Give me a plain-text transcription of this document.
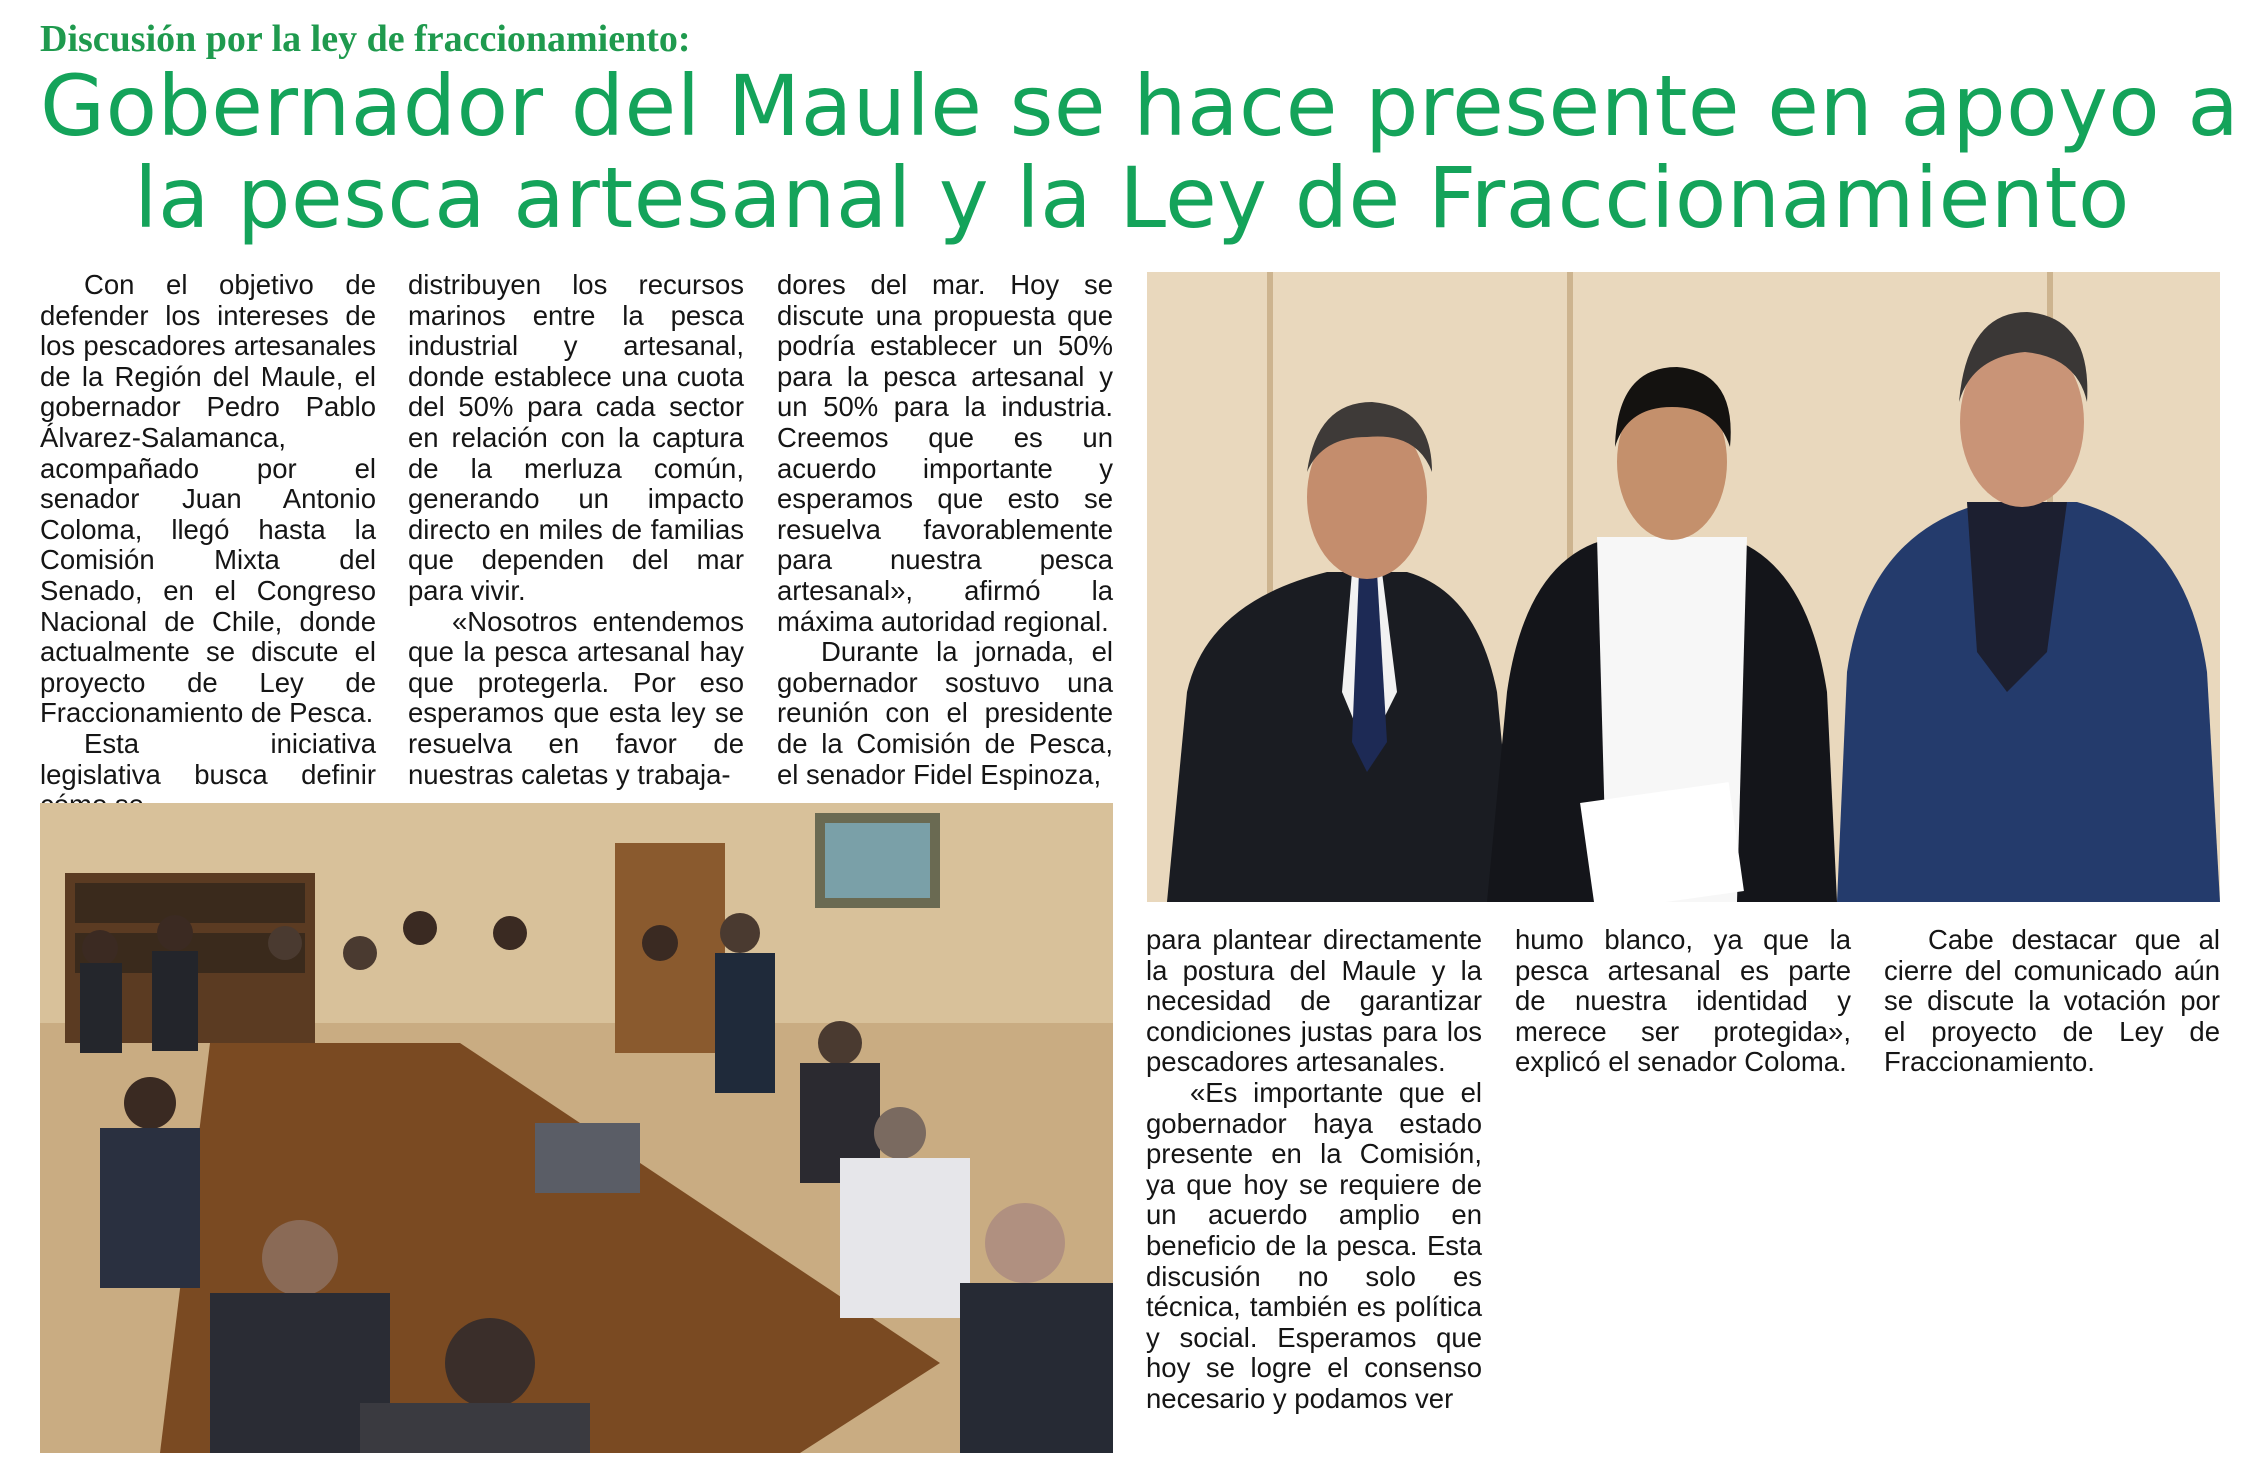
Discusión por la ley de fraccionamiento:
Gobernador del Maule se hace presente en apoyo a
la pesca artesanal y la Ley de Fraccionamiento

Con el objetivo de defender los intereses de los pescadores artesanales de la Región del Maule, el gobernador Pedro Pablo Álvarez-Salamanca, acompañado por el senador Juan Antonio Coloma, llegó hasta la Comisión Mixta del Senado, en el Congreso Nacional de Chile, donde actualmente se discute el proyecto de Ley de Fraccionamiento de Pesca.

Esta iniciativa legislativa busca definir

distribuyen los recursos marinos entre la pesca industrial y artesanal, donde establece una cuota del 50% para cada sector en relación con la captura de la merluza común, generando un impacto directo en miles de familias que dependen del mar para vivir.

«Nosotros entendemos que la pesca artesanal hay que protegerla. Por eso esperamos que esta ley se resuelva en favor de nuestras caletas y trabaja-

dores del mar. Hoy se discute una propuesta que podría establecer un 50% para la pesca artesanal y un 50% para la industria. Creemos que es un acuerdo importante y esperamos que esto se resuelva favorablemente para nuestra pesca artesanal», afirmó la máxima autoridad regional.

Durante la jornada, el gobernador sostuvo una reunión con el presidente de la Comisión de Pesca, el senador Fidel Espinoza,

para plantear directamente la postura del Maule y la necesidad de garantizar condiciones justas para los pescadores artesanales.

«Es importante que el gobernador haya estado presente en la Comisión, ya que hoy se requiere de un acuerdo amplio en beneficio de la pesca. Esta discusión no solo es técnica, también es política y social. Esperamos que hoy se logre el consenso necesario y podamos ver

humo blanco, ya que la pesca artesanal es parte de nuestra identidad y merece ser protegida», explicó el senador Coloma.

Cabe destacar que al cierre del comunicado aún se discute la votación por el proyecto de Ley de Fraccionamiento.
